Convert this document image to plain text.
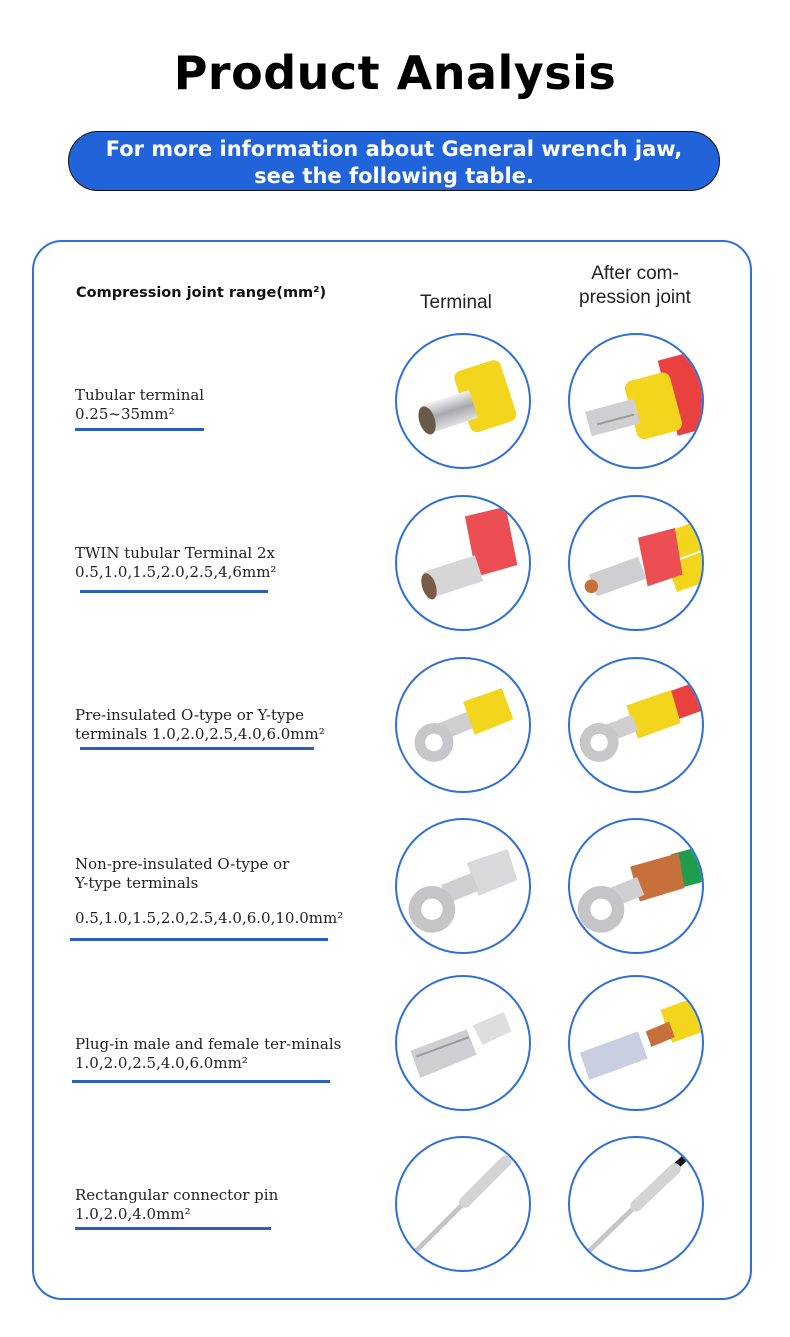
Product Analysis
For more information about General wrench jaw,
see the following table.
Compression joint range(mm²)	Terminal
After com-
pression joint
Tubular terminal
0.25~35mm²
TWIN tubular Terminal 2x
0.5,1.0,1.5,2.0,2.5,4,6mm²
Pre-insulated O-type or Y-type
terminals 1.0,2.0,2.5,4.0,6.0mm²
Non-pre-insulated O-type or
Y-type terminals
0.5,1.0,1.5,2.0,2.5,4.0,6.0,10.0mm²
Plug-in male and female ter-minals
1.0,2.0,2.5,4.0,6.0mm²
Rectangular connector pin
1.0,2.0,4.0mm²
